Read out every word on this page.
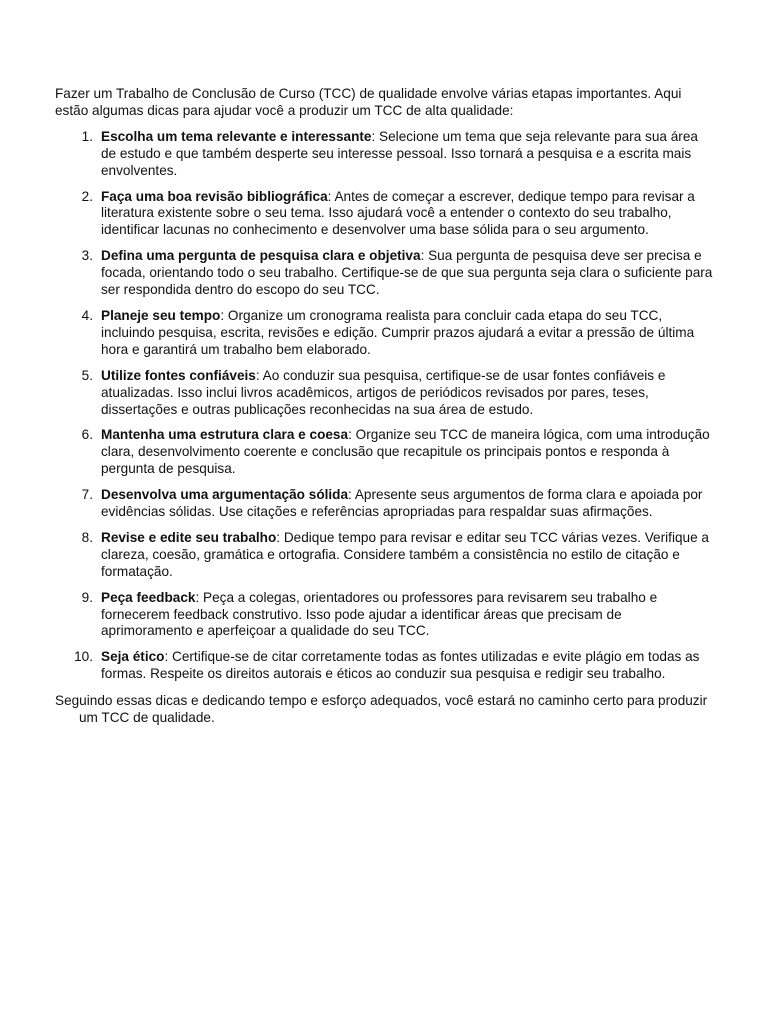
Fazer um Trabalho de Conclusão de Curso (TCC) de qualidade envolve várias etapas importantes. Aqui estão algumas dicas para ajudar você a produzir um TCC de alta qualidade:

1. Escolha um tema relevante e interessante: Selecione um tema que seja relevante para sua área de estudo e que também desperte seu interesse pessoal. Isso tornará a pesquisa e a escrita mais envolventes.
2. Faça uma boa revisão bibliográfica: Antes de começar a escrever, dedique tempo para revisar a literatura existente sobre o seu tema. Isso ajudará você a entender o contexto do seu trabalho, identificar lacunas no conhecimento e desenvolver uma base sólida para o seu argumento.
3. Defina uma pergunta de pesquisa clara e objetiva: Sua pergunta de pesquisa deve ser precisa e focada, orientando todo o seu trabalho. Certifique-se de que sua pergunta seja clara o suficiente para ser respondida dentro do escopo do seu TCC.
4. Planeje seu tempo: Organize um cronograma realista para concluir cada etapa do seu TCC, incluindo pesquisa, escrita, revisões e edição. Cumprir prazos ajudará a evitar a pressão de última hora e garantirá um trabalho bem elaborado.
5. Utilize fontes confiáveis: Ao conduzir sua pesquisa, certifique-se de usar fontes confiáveis e atualizadas. Isso inclui livros acadêmicos, artigos de periódicos revisados por pares, teses, dissertações e outras publicações reconhecidas na sua área de estudo.
6. Mantenha uma estrutura clara e coesa: Organize seu TCC de maneira lógica, com uma introdução clara, desenvolvimento coerente e conclusão que recapitule os principais pontos e responda à pergunta de pesquisa.
7. Desenvolva uma argumentação sólida: Apresente seus argumentos de forma clara e apoiada por evidências sólidas. Use citações e referências apropriadas para respaldar suas afirmações.
8. Revise e edite seu trabalho: Dedique tempo para revisar e editar seu TCC várias vezes. Verifique a clareza, coesão, gramática e ortografia. Considere também a consistência no estilo de citação e formatação.
9. Peça feedback: Peça a colegas, orientadores ou professores para revisarem seu trabalho e fornecerem feedback construtivo. Isso pode ajudar a identificar áreas que precisam de aprimoramento e aperfeiçoar a qualidade do seu TCC.
10. Seja ético: Certifique-se de citar corretamente todas as fontes utilizadas e evite plágio em todas as formas. Respeite os direitos autorais e éticos ao conduzir sua pesquisa e redigir seu trabalho.

Seguindo essas dicas e dedicando tempo e esforço adequados, você estará no caminho certo para produzir um TCC de qualidade.
